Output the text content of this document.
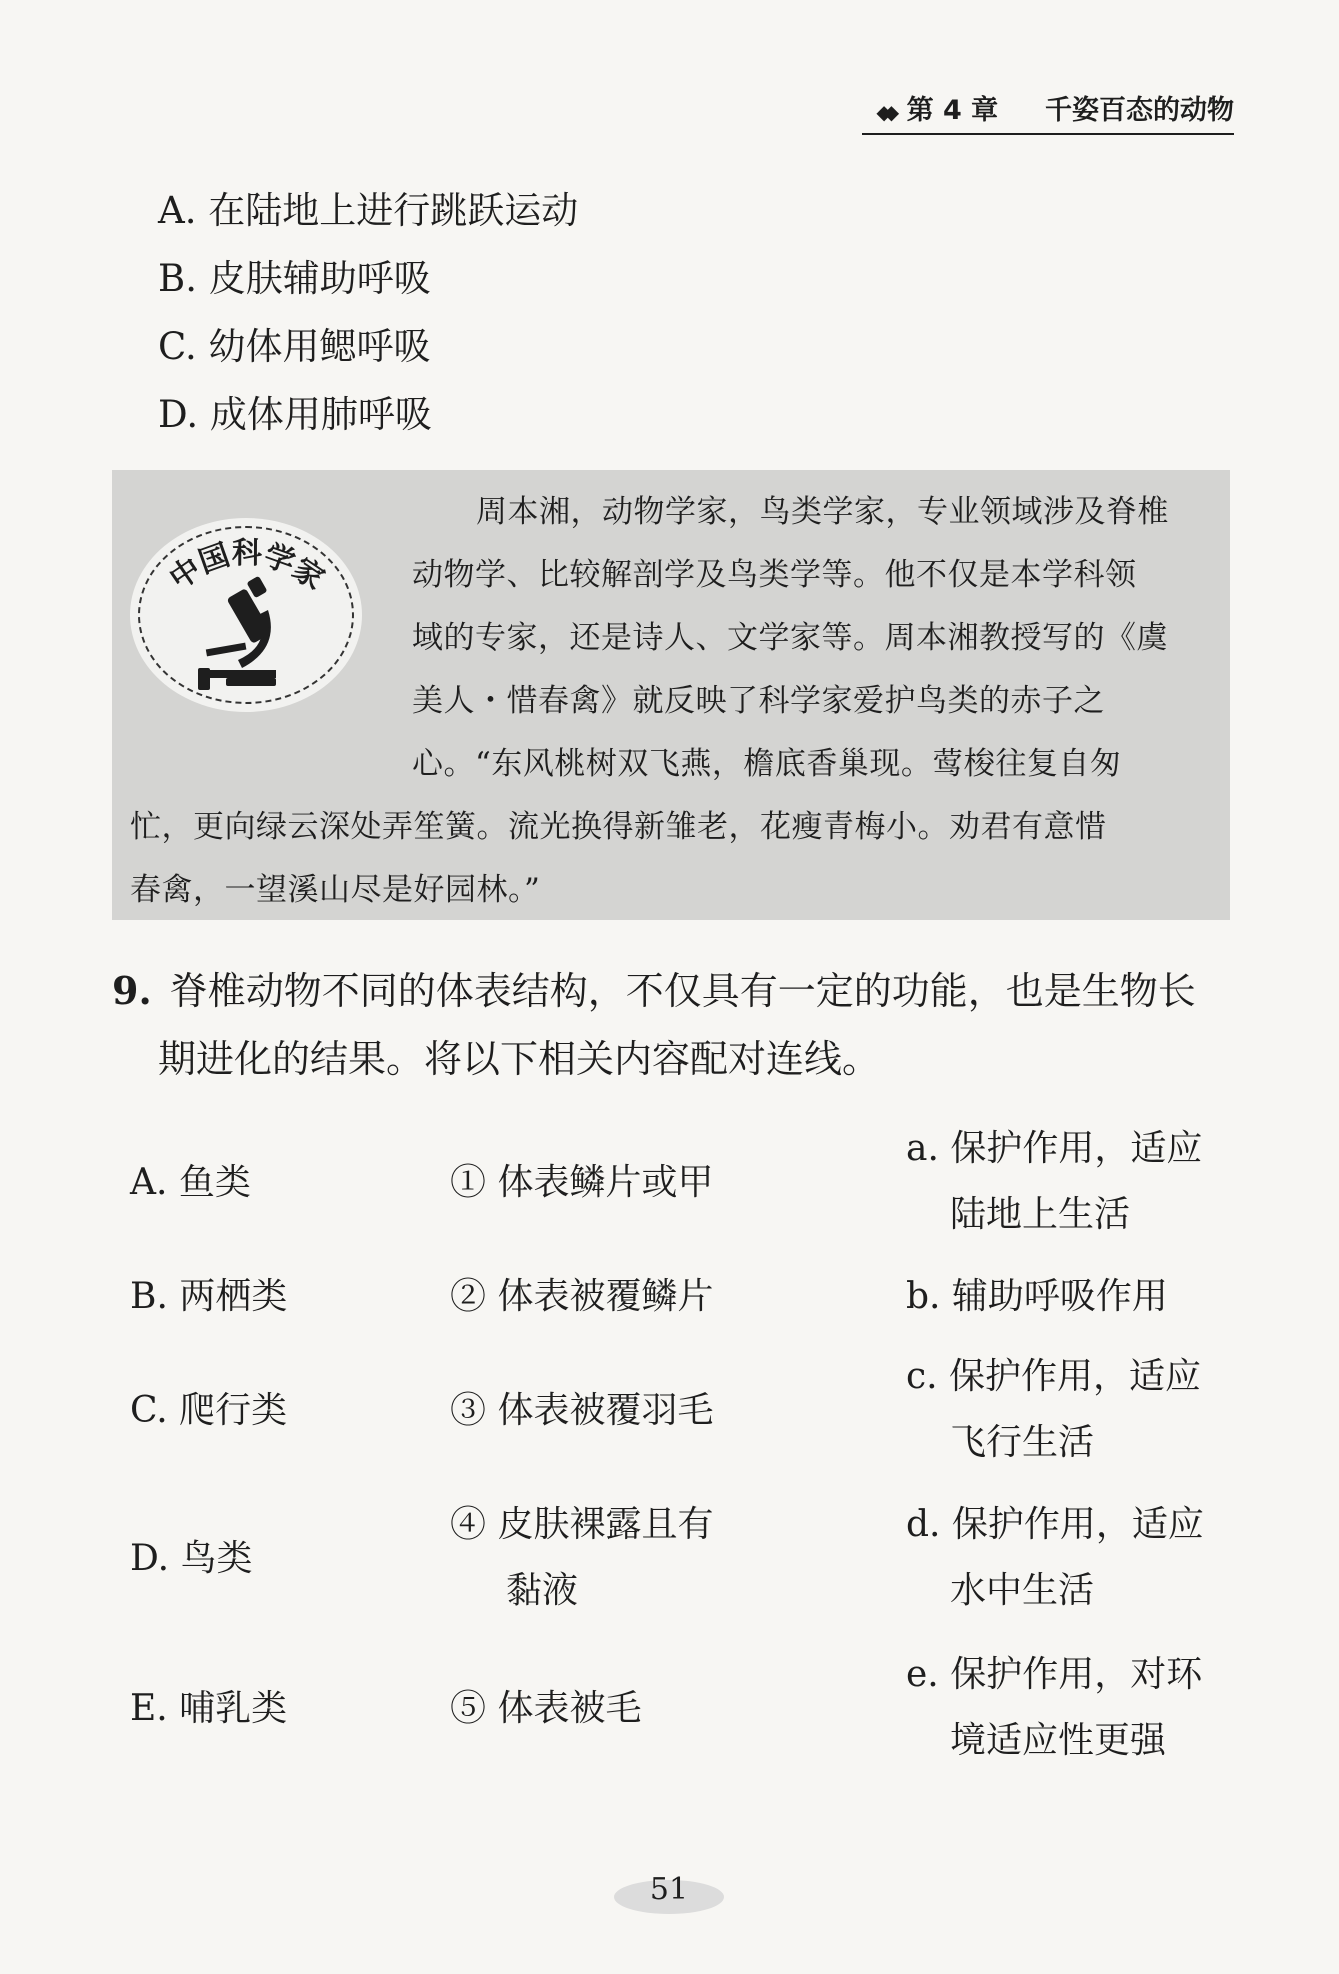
◆◆ 第 4 章 千姿百态的动物
A. 在陆地上进行跳跃运动
B. 皮肤辅助呼吸
C. 幼体用鳃呼吸
D. 成体用肺呼吸
中国科学家
周本湘，动物学家，鸟类学家，专业领域涉及脊椎
动物学、比较解剖学及鸟类学等。他不仅是本学科领
域的专家，还是诗人、文学家等。周本湘教授写的《虞
美人・惜春禽》就反映了科学家爱护鸟类的赤子之
心。“东风桃树双飞燕，檐底香巢现。莺梭往复自匆
忙，更向绿云深处弄笙簧。流光换得新雏老，花瘦青梅小。劝君有意惜
春禽，一望溪山尽是好园林。”
9. 脊椎动物不同的体表结构，不仅具有一定的功能，也是生物长
期进化的结果。将以下相关内容配对连线。
A. 鱼类
B. 两栖类
C. 爬行类
D. 鸟类
E. 哺乳类
① 体表鳞片或甲
② 体表被覆鳞片
③ 体表被覆羽毛
④ 皮肤裸露且有
黏液
⑤ 体表被毛
a. 保护作用，适应
陆地上生活
b. 辅助呼吸作用
c. 保护作用，适应
飞行生活
d. 保护作用，适应
水中生活
e. 保护作用，对环
境适应性更强
51
